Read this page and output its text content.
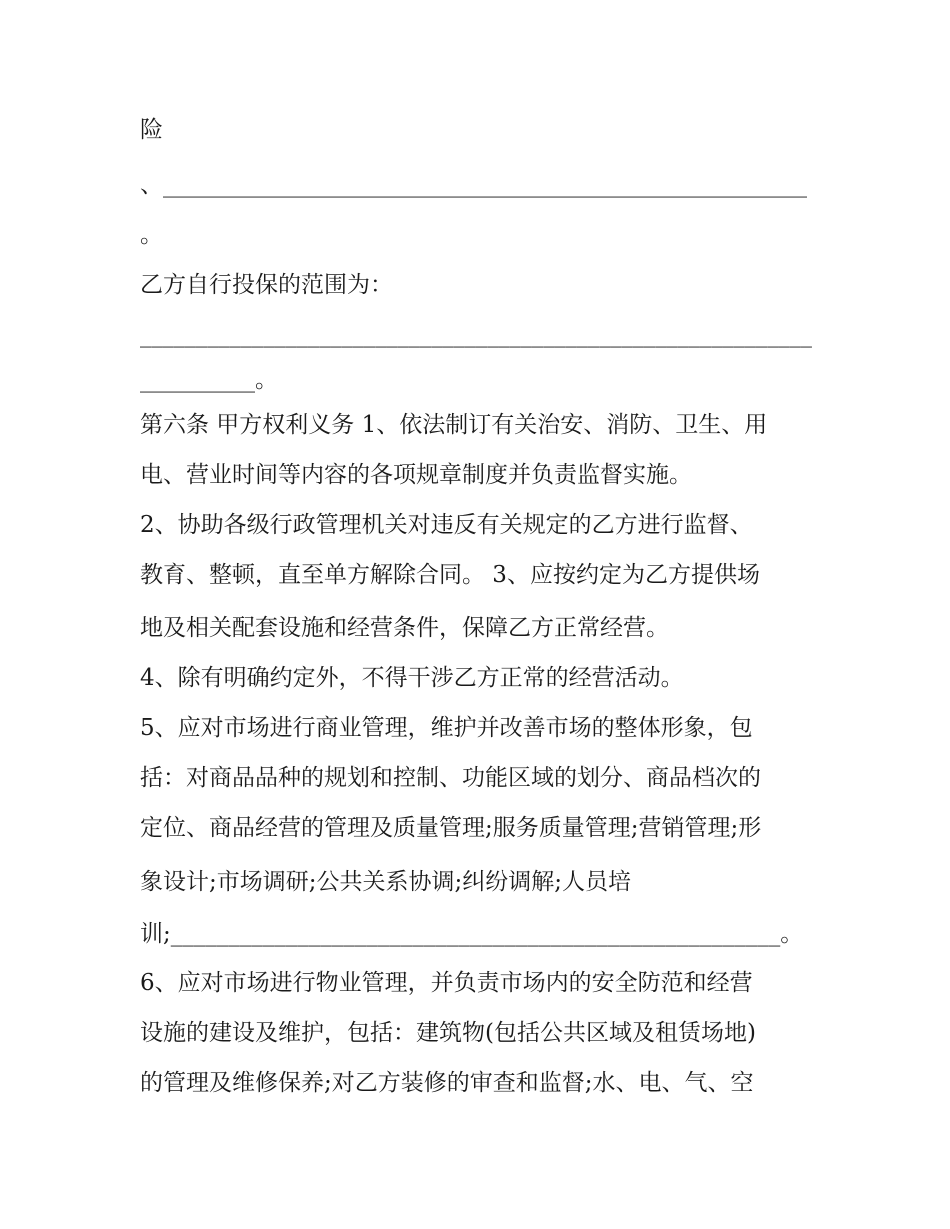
险
、________________________________________________________
。
乙方自行投保的范围为：
____________________________________________________________
__________。
第六条 甲方权利义务 1、依法制订有关治安、消防、卫生、用
电、营业时间等内容的各项规章制度并负责监督实施。
2、协助各级行政管理机关对违反有关规定的乙方进行监督、
教育、整顿，直至单方解除合同。 3、应按约定为乙方提供场
地及相关配套设施和经营条件，保障乙方正常经营。
4、除有明确约定外，不得干涉乙方正常的经营活动。
5、应对市场进行商业管理，维护并改善市场的整体形象，包
括：对商品品种的规划和控制、功能区域的划分、商品档次的
定位、商品经营的管理及质量管理;服务质量管理;营销管理;形
象设计;市场调研;公共关系协调;纠纷调解;人员培
训;_____________________________________________________。
6、应对市场进行物业管理，并负责市场内的安全防范和经营
设施的建设及维护，包括：建筑物(包括公共区域及租赁场地)
的管理及维修保养;对乙方装修的审查和监督;水、电、气、空
